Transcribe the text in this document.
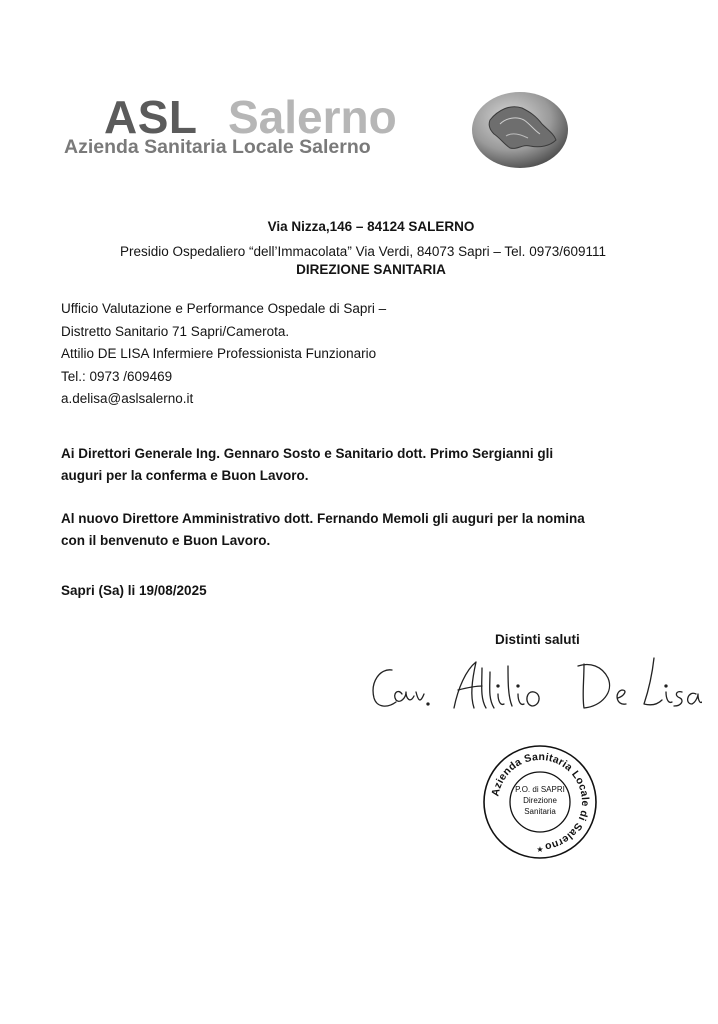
ASL Salerno
Azienda Sanitaria Locale Salerno
Via Nizza,146 – 84124 SALERNO
Presidio Ospedaliero “dell’Immacolata” Via Verdi, 84073 Sapri – Tel. 0973/609111
DIREZIONE SANITARIA
Ufficio Valutazione e Performance Ospedale di Sapri –
Distretto Sanitario 71 Sapri/Camerota.
Attilio DE LISA Infermiere Professionista Funzionario
Tel.: 0973 /609469
a.delisa@aslsalerno.it
Ai Direttori Generale Ing. Gennaro Sosto e Sanitario dott. Primo Sergianni gli
auguri per la conferma e Buon Lavoro.
Al nuovo Direttore Amministrativo dott. Fernando Memoli gli auguri per la nomina
con il benvenuto e Buon Lavoro.
Sapri (Sa) li 19/08/2025
Distinti saluti
Azienda Sanitaria Locale di Salerno
P.O. di SAPRI
Direzione
Sanitaria
★
